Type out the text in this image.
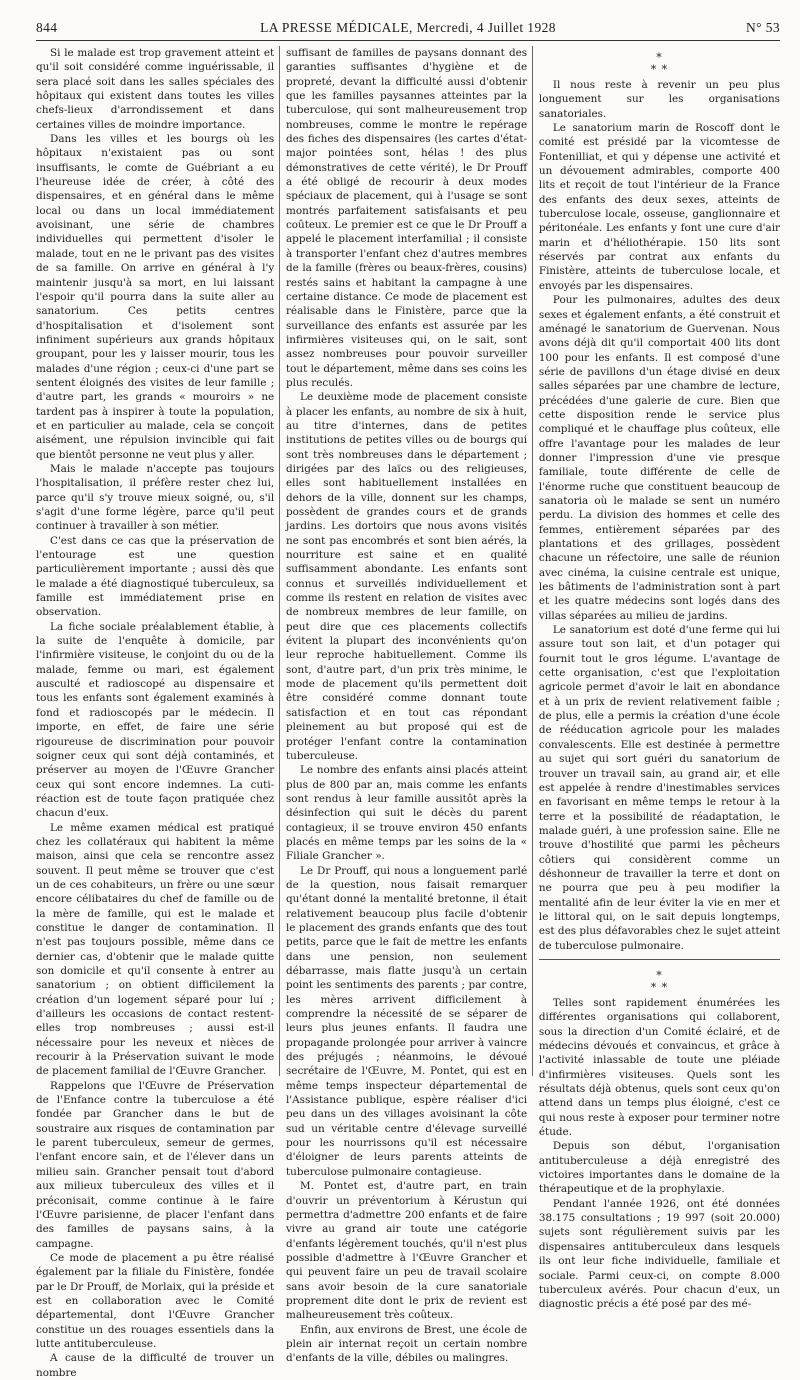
844	LA PRESSE MÉDICALE, Mercredi, 4 Juillet 1928	N° 53

Si le malade est trop gravement atteint et qu'il soit considéré comme inguérissable, il sera placé soit dans les salles spéciales des hôpitaux qui existent dans toutes les villes chefs-lieux d'arrondissement et dans certaines villes de moindre importance.

Dans les villes et les bourgs où les hôpitaux n'existaient pas ou sont insuffisants, le comte de Guébriant a eu l'heureuse idée de créer, à côté des dispensaires, et en général dans le même local ou dans un local immédiatement avoisinant, une série de chambres individuelles qui permettent d'isoler le malade, tout en ne le privant pas des visites de sa famille. On arrive en général à l'y maintenir jusqu'à sa mort, en lui laissant l'espoir qu'il pourra dans la suite aller au sanatorium. Ces petits centres d'hospitalisation et d'isolement sont infiniment supérieurs aux grands hôpitaux groupant, pour les y laisser mourir, tous les malades d'une région ; ceux-ci d'une part se sentent éloignés des visites de leur famille ; d'autre part, les grands « mouroirs » ne tardent pas à inspirer à toute la population, et en particulier au malade, cela se conçoit aisément, une répulsion invincible qui fait que bientôt personne ne veut plus y aller.

Mais le malade n'accepte pas toujours l'hospitalisation, il préfère rester chez lui, parce qu'il s'y trouve mieux soigné, ou, s'il s'agit d'une forme légère, parce qu'il peut continuer à travailler à son métier.

C'est dans ce cas que la préservation de l'entourage est une question particulièrement importante ; aussi dès que le malade a été diagnostiqué tuberculeux, sa famille est immédiatement prise en observation.

La fiche sociale préalablement établie, à la suite de l'enquête à domicile, par l'infirmière visiteuse, le conjoint du ou de la malade, femme ou mari, est également ausculté et radioscopé au dispensaire et tous les enfants sont également examinés à fond et radioscopés par le médecin. Il importe, en effet, de faire une série rigoureuse de discrimination pour pouvoir soigner ceux qui sont déjà contaminés, et préserver au moyen de l'Œuvre Grancher ceux qui sont encore indemnes. La cuti-réaction est de toute façon pratiquée chez chacun d'eux.

Le même examen médical est pratiqué chez les collatéraux qui habitent la même maison, ainsi que cela se rencontre assez souvent. Il peut même se trouver que c'est un de ces cohabiteurs, un frère ou une sœur encore célibataires du chef de famille ou de la mère de famille, qui est le malade et constitue le danger de contamination. Il n'est pas toujours possible, même dans ce dernier cas, d'obtenir que le malade quitte son domicile et qu'il consente à entrer au sanatorium ; on obtient difficilement la création d'un logement séparé pour lui ; d'ailleurs les occasions de contact restent-elles trop nombreuses ; aussi est-il nécessaire pour les neveux et nièces de recourir à la Préservation suivant le mode de placement familial de l'Œuvre Grancher.

Rappelons que l'Œuvre de Préservation de l'Enfance contre la tuberculose a été fondée par Grancher dans le but de soustraire aux risques de contamination par le parent tuberculeux, semeur de germes, l'enfant encore sain, et de l'élever dans un milieu sain. Grancher pensait tout d'abord aux milieux tuberculeux des villes et il préconisait, comme continue à le faire l'Œuvre parisienne, de placer l'enfant dans des familles de paysans sains, à la campagne.

Ce mode de placement a pu être réalisé également par la filiale du Finistère, fondée par le Dr Prouff, de Morlaix, qui la préside et est en collaboration avec le Comité départemental, dont l'Œuvre Grancher constitue un des rouages essentiels dans la lutte antituberculeuse.

A cause de la difficulté de trouver un nombre

suffisant de familles de paysans donnant des garanties suffisantes d'hygiène et de propreté, devant la difficulté aussi d'obtenir que les familles paysannes atteintes par la tuberculose, qui sont malheureusement trop nombreuses, comme le montre le repérage des fiches des dispensaires (les cartes d'état-major pointées sont, hélas ! des plus démonstratives de cette vérité), le Dr Prouff a été obligé de recourir à deux modes spéciaux de placement, qui à l'usage se sont montrés parfaitement satisfaisants et peu coûteux. Le premier est ce que le Dr Prouff a appelé le placement interfamilial ; il consiste à transporter l'enfant chez d'autres membres de la famille (frères ou beaux-frères, cousins) restés sains et habitant la campagne à une certaine distance. Ce mode de placement est réalisable dans le Finistère, parce que la surveillance des enfants est assurée par les infirmières visiteuses qui, on le sait, sont assez nombreuses pour pouvoir surveiller tout le département, même dans ses coins les plus reculés.

Le deuxième mode de placement consiste à placer les enfants, au nombre de six à huit, au titre d'internes, dans de petites institutions de petites villes ou de bourgs qui sont très nombreuses dans le département ; dirigées par des laïcs ou des religieuses, elles sont habituellement installées en dehors de la ville, donnent sur les champs, possèdent de grandes cours et de grands jardins. Les dortoirs que nous avons visités ne sont pas encombrés et sont bien aérés, la nourriture est saine et en qualité suffisamment abondante. Les enfants sont connus et surveillés individuellement et comme ils restent en relation de visites avec de nombreux membres de leur famille, on peut dire que ces placements collectifs évitent la plupart des inconvénients qu'on leur reproche habituellement. Comme ils sont, d'autre part, d'un prix très minime, le mode de placement qu'ils permettent doit être considéré comme donnant toute satisfaction et en tout cas répondant pleinement au but proposé qui est de protéger l'enfant contre la contamination tuberculeuse.

Le nombre des enfants ainsi placés atteint plus de 800 par an, mais comme les enfants sont rendus à leur famille aussitôt après la désinfection qui suit le décès du parent contagieux, il se trouve environ 450 enfants placés en même temps par les soins de la « Filiale Grancher ».

Le Dr Prouff, qui nous a longuement parlé de la question, nous faisait remarquer qu'étant donné la mentalité bretonne, il était relativement beaucoup plus facile d'obtenir le placement des grands enfants que des tout petits, parce que le fait de mettre les enfants dans une pension, non seulement débarrasse, mais flatte jusqu'à un certain point les sentiments des parents ; par contre, les mères arrivent difficilement à comprendre la nécessité de se séparer de leurs plus jeunes enfants. Il faudra une propagande prolongée pour arriver à vaincre des préjugés ; néanmoins, le dévoué secrétaire de l'Œuvre, M. Pontet, qui est en même temps inspecteur départemental de l'Assistance publique, espère réaliser d'ici peu dans un des villages avoisinant la côte sud un véritable centre d'élevage surveillé pour les nourrissons qu'il est nécessaire d'éloigner de leurs parents atteints de tuberculose pulmonaire contagieuse.

M. Pontet est, d'autre part, en train d'ouvrir un préventorium à Kérustun qui permettra d'admettre 200 enfants et de faire vivre au grand air toute une catégorie d'enfants légèrement touchés, qu'il n'est plus possible d'admettre à l'Œuvre Grancher et qui peuvent faire un peu de travail scolaire sans avoir besoin de la cure sanatoriale proprement dite dont le prix de revient est malheureusement très coûteux.

Enfin, aux environs de Brest, une école de plein air internat reçoit un certain nombre d'enfants de la ville, débiles ou malingres.

*
* *

Il nous reste à revenir un peu plus longuement sur les organisations sanatoriales.

Le sanatorium marin de Roscoff dont le comité est présidé par la vicomtesse de Fontenilliat, et qui y dépense une activité et un dévouement admirables, comporte 400 lits et reçoit de tout l'intérieur de la France des enfants des deux sexes, atteints de tuberculose locale, osseuse, ganglionnaire et péritonéale. Les enfants y font une cure d'air marin et d'héliothérapie. 150 lits sont réservés par contrat aux enfants du Finistère, atteints de tuberculose locale, et envoyés par les dispensaires.

Pour les pulmonaires, adultes des deux sexes et également enfants, a été construit et aménagé le sanatorium de Guervenan. Nous avons déjà dit qu'il comportait 400 lits dont 100 pour les enfants. Il est composé d'une série de pavillons d'un étage divisé en deux salles séparées par une chambre de lecture, précédées d'une galerie de cure. Bien que cette disposition rende le service plus compliqué et le chauffage plus coûteux, elle offre l'avantage pour les malades de leur donner l'impression d'une vie presque familiale, toute différente de celle de l'énorme ruche que constituent beaucoup de sanatoria où le malade se sent un numéro perdu. La division des hommes et celle des femmes, entièrement séparées par des plantations et des grillages, possèdent chacune un réfectoire, une salle de réunion avec cinéma, la cuisine centrale est unique, les bâtiments de l'administration sont à part et les quatre médecins sont logés dans des villas séparées au milieu de jardins.

Le sanatorium est doté d'une ferme qui lui assure tout son lait, et d'un potager qui fournit tout le gros légume. L'avantage de cette organisation, c'est que l'exploitation agricole permet d'avoir le lait en abondance et à un prix de revient relativement faible ; de plus, elle a permis la création d'une école de rééducation agricole pour les malades convalescents. Elle est destinée à permettre au sujet qui sort guéri du sanatorium de trouver un travail sain, au grand air, et elle est appelée à rendre d'inestimables services en favorisant en même temps le retour à la terre et la possibilité de réadaptation, le malade guéri, à une profession saine. Elle ne trouve d'hostilité que parmi les pêcheurs côtiers qui considèrent comme un déshonneur de travailler la terre et dont on ne pourra que peu à peu modifier la mentalité afin de leur éviter la vie en mer et le littoral qui, on le sait depuis longtemps, est des plus défavorables chez le sujet atteint de tuberculose pulmonaire.

*
* *

Telles sont rapidement énumérées les différentes organisations qui collaborent, sous la direction d'un Comité éclairé, et de médecins dévoués et convaincus, et grâce à l'activité inlassable de toute une pléiade d'infirmières visiteuses. Quels sont les résultats déjà obtenus, quels sont ceux qu'on attend dans un temps plus éloigné, c'est ce qui nous reste à exposer pour terminer notre étude.

Depuis son début, l'organisation antituberculeuse a déjà enregistré des victoires importantes dans le domaine de la thérapeutique et de la prophylaxie.

Pendant l'année 1926, ont été données 38.175 consultations ; 19 997 (soit 20.000) sujets sont régulièrement suivis par les dispensaires antituberculeux dans lesquels ils ont leur fiche individuelle, familiale et sociale. Parmi ceux-ci, on compte 8.000 tuberculeux avérés. Pour chacun d'eux, un diagnostic précis a été posé par des mé-
